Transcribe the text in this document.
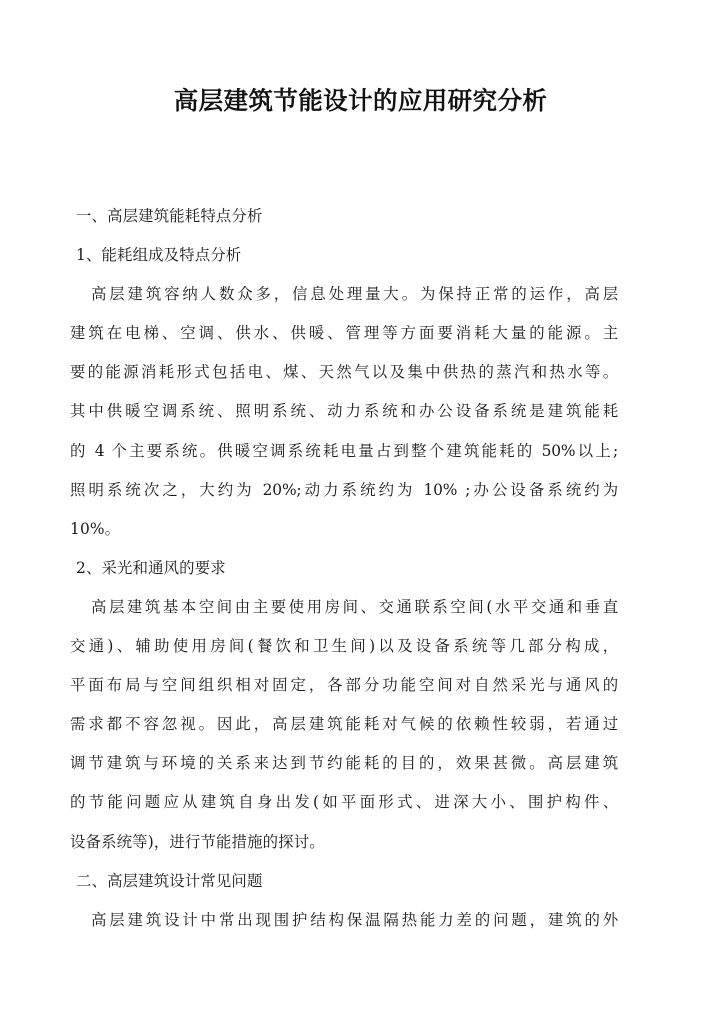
高层建筑节能设计的应用研究分析
一、高层建筑能耗特点分析
1、能耗组成及特点分析
高层建筑容纳人数众多，信息处理量大。为保持正常的运作，高层
建筑在电梯、空调、供水、供暖、管理等方面要消耗大量的能源。主
要的能源消耗形式包括电、煤、天然气以及集中供热的蒸汽和热水等。
其中供暖空调系统、照明系统、动力系统和办公设备系统是建筑能耗
的 4 个主要系统。供暖空调系统耗电量占到整个建筑能耗的 50%以上;
照明系统次之，大约为 20%;动力系统约为 10% ;办公设备系统约为
10%。
2、采光和通风的要求
高层建筑基本空间由主要使用房间、交通联系空间(水平交通和垂直
交通)、辅助使用房间(餐饮和卫生间)以及设备系统等几部分构成，
平面布局与空间组织相对固定，各部分功能空间对自然采光与通风的
需求都不容忽视。因此，高层建筑能耗对气候的依赖性较弱，若通过
调节建筑与环境的关系来达到节约能耗的目的，效果甚微。高层建筑
的节能问题应从建筑自身出发(如平面形式、进深大小、围护构件、
设备系统等)，进行节能措施的探讨。
二、高层建筑设计常见问题
高层建筑设计中常出现围护结构保温隔热能力差的问题，建筑的外
